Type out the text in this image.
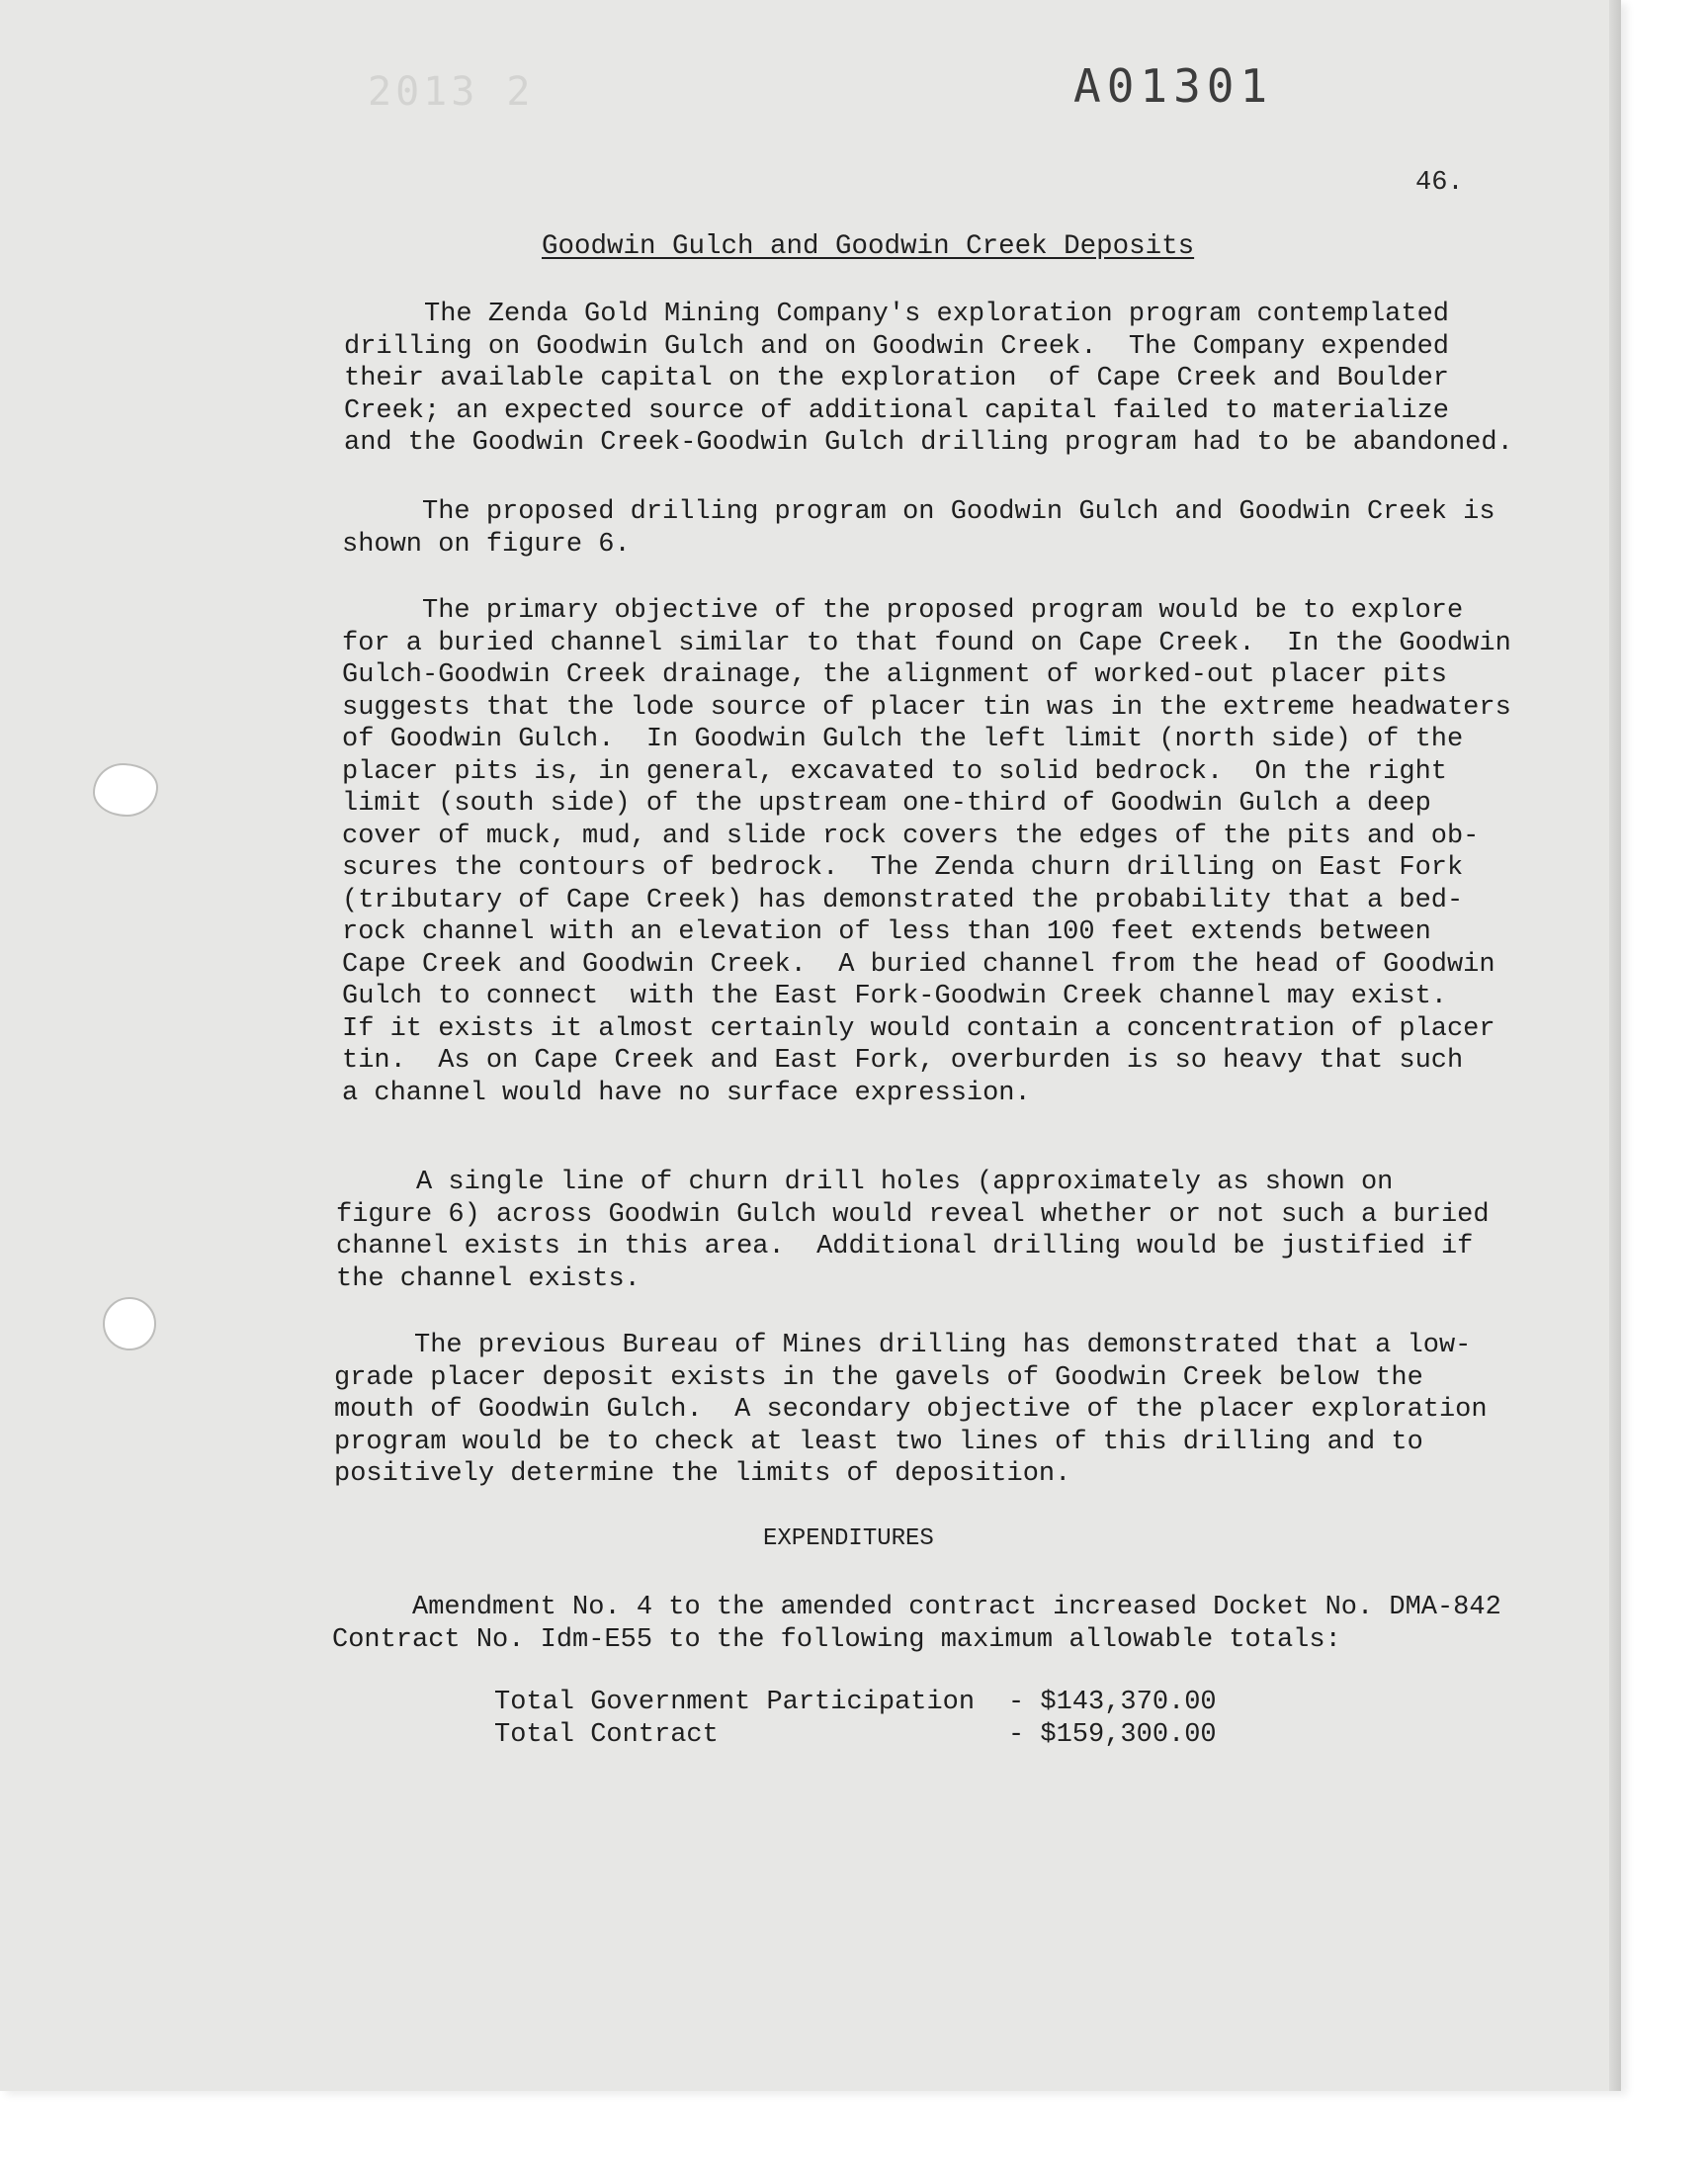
2013 2	A01301
46.
Goodwin Gulch and Goodwin Creek Deposits

The Zenda Gold Mining Company's exploration program contemplated
drilling on Goodwin Gulch and on Goodwin Creek.  The Company expended
their available capital on the exploration  of Cape Creek and Boulder
Creek; an expected source of additional capital failed to materialize
and the Goodwin Creek-Goodwin Gulch drilling program had to be abandoned.

The proposed drilling program on Goodwin Gulch and Goodwin Creek is
shown on figure 6.

The primary objective of the proposed program would be to explore
for a buried channel similar to that found on Cape Creek.  In the Goodwin
Gulch-Goodwin Creek drainage, the alignment of worked-out placer pits
suggests that the lode source of placer tin was in the extreme headwaters
of Goodwin Gulch.  In Goodwin Gulch the left limit (north side) of the
placer pits is, in general, excavated to solid bedrock.  On the right
limit (south side) of the upstream one-third of Goodwin Gulch a deep
cover of muck, mud, and slide rock covers the edges of the pits and ob-
scures the contours of bedrock.  The Zenda churn drilling on East Fork
(tributary of Cape Creek) has demonstrated the probability that a bed-
rock channel with an elevation of less than 100 feet extends between
Cape Creek and Goodwin Creek.  A buried channel from the head of Goodwin
Gulch to connect  with the East Fork-Goodwin Creek channel may exist.
If it exists it almost certainly would contain a concentration of placer
tin.  As on Cape Creek and East Fork, overburden is so heavy that such
a channel would have no surface expression.

A single line of churn drill holes (approximately as shown on
figure 6) across Goodwin Gulch would reveal whether or not such a buried
channel exists in this area.  Additional drilling would be justified if
the channel exists.

The previous Bureau of Mines drilling has demonstrated that a low-
grade placer deposit exists in the gavels of Goodwin Creek below the
mouth of Goodwin Gulch.  A secondary objective of the placer exploration
program would be to check at least two lines of this drilling and to
positively determine the limits of deposition.

EXPENDITURES

Amendment No. 4 to the amended contract increased Docket No. DMA-842
Contract No. Idm-E55 to the following maximum allowable totals:

Total Government Participation	- $143,370.00
Total Contract	- $159,300.00
